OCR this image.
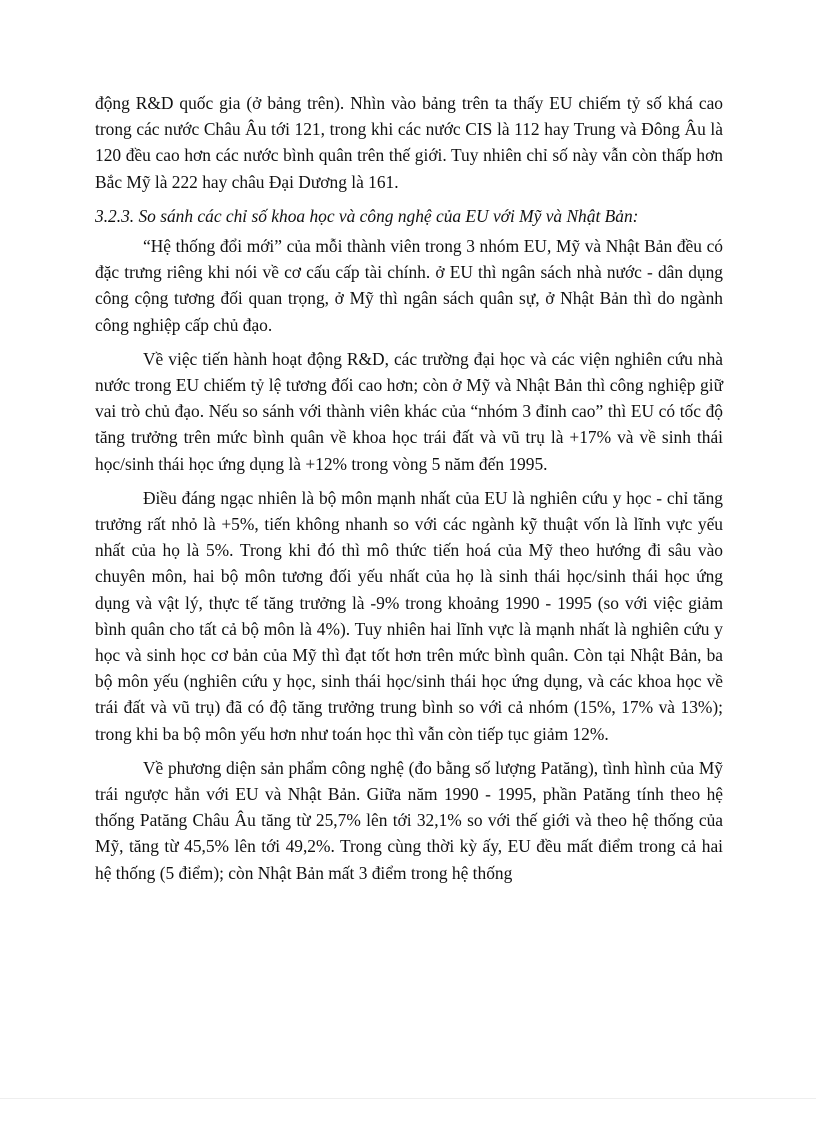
động R&D quốc gia (ở bảng trên). Nhìn vào bảng trên ta thấy EU chiếm tỷ số khá cao trong các nước Châu Âu tới 121, trong khi các nước CIS là 112 hay Trung và Đông Âu là 120 đều cao hơn các nước bình quân trên thế giới. Tuy nhiên chỉ số này vẫn còn thấp hơn Bắc Mỹ là 222 hay châu Đại Dương là 161.

3.2.3. So sánh các chỉ số khoa học và công nghệ của EU với Mỹ và Nhật Bản:

“Hệ thống đổi mới” của mỗi thành viên trong 3 nhóm EU, Mỹ và Nhật Bản đều có đặc trưng riêng khi nói về cơ cấu cấp tài chính. ở EU thì ngân sách nhà nước - dân dụng công cộng tương đối quan trọng, ở Mỹ thì ngân sách quân sự, ở Nhật Bản thì do ngành công nghiệp cấp chủ đạo.

Về việc tiến hành hoạt động R&D, các trường đại học và các viện nghiên cứu nhà nước trong EU chiếm tỷ lệ tương đối cao hơn; còn ở Mỹ và Nhật Bản thì công nghiệp giữ vai trò chủ đạo. Nếu so sánh với thành viên khác của “nhóm 3 đỉnh cao” thì EU có tốc độ tăng trưởng trên mức bình quân về khoa học trái đất và vũ trụ là +17% và về sinh thái học/sinh thái học ứng dụng là +12% trong vòng 5 năm đến 1995.

Điều đáng ngạc nhiên là bộ môn mạnh nhất của EU là nghiên cứu y học - chỉ tăng trưởng rất nhỏ là +5%, tiến không nhanh so với các ngành kỹ thuật vốn là lĩnh vực yếu nhất của họ là 5%. Trong khi đó thì mô thức tiến hoá của Mỹ theo hướng đi sâu vào chuyên môn, hai bộ môn tương đối yếu nhất của họ là sinh thái học/sinh thái học ứng dụng và vật lý, thực tế tăng trưởng là -9% trong khoảng 1990 - 1995 (so với việc giảm bình quân cho tất cả bộ môn là 4%). Tuy nhiên hai lĩnh vực là mạnh nhất là nghiên cứu y học và sinh học cơ bản của Mỹ thì đạt tốt hơn trên mức bình quân. Còn tại Nhật Bản, ba bộ môn yếu (nghiên cứu y học, sinh thái học/sinh thái học ứng dụng, và các khoa học về trái đất và vũ trụ) đã có độ tăng trưởng trung bình so với cả nhóm (15%, 17% và 13%); trong khi ba bộ môn yếu hơn như toán học thì vẫn còn tiếp tục giảm 12%.

Về phương diện sản phẩm công nghệ (đo bằng số lượng Patăng), tình hình của Mỹ trái ngược hẳn với EU và Nhật Bản. Giữa năm 1990 - 1995, phần Patăng tính theo hệ thống Patăng Châu Âu tăng từ 25,7% lên tới 32,1% so với thế giới và theo hệ thống của Mỹ, tăng từ 45,5% lên tới 49,2%. Trong cùng thời kỳ ấy, EU đều mất điểm trong cả hai hệ thống (5 điểm); còn Nhật Bản mất 3 điểm trong hệ thống
